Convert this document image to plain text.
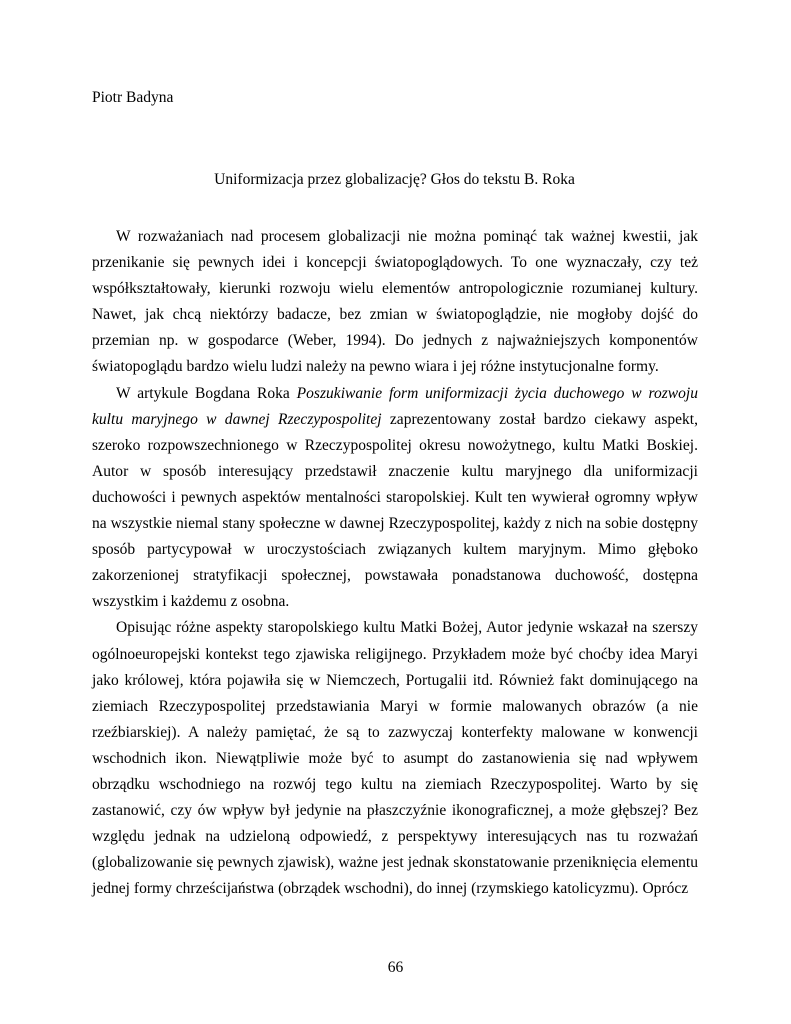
Piotr Badyna

Uniformizacja przez globalizację? Głos do tekstu B. Roka

W rozważaniach nad procesem globalizacji nie można pominąć tak ważnej kwestii, jak przenikanie się pewnych idei i koncepcji światopoglądowych. To one wyznaczały, czy też współkształtowały, kierunki rozwoju wielu elementów antropologicznie rozumianej kultury. Nawet, jak chcą niektórzy badacze, bez zmian w światopoglądzie, nie mogłoby dojść do przemian np. w gospodarce (Weber, 1994). Do jednych z najważniejszych komponentów światopoglądu bardzo wielu ludzi należy na pewno wiara i jej różne instytucjonalne formy.

W artykule Bogdana Roka Poszukiwanie form uniformizacji życia duchowego w rozwoju kultu maryjnego w dawnej Rzeczypospolitej zaprezentowany został bardzo ciekawy aspekt, szeroko rozpowszechnionego w Rzeczypospolitej okresu nowożytnego, kultu Matki Boskiej. Autor w sposób interesujący przedstawił znaczenie kultu maryjnego dla uniformizacji duchowości i pewnych aspektów mentalności staropolskiej. Kult ten wywierał ogromny wpływ na wszystkie niemal stany społeczne w dawnej Rzeczypospolitej, każdy z nich na sobie dostępny sposób partycypował w uroczystościach związanych kultem maryjnym. Mimo głęboko zakorzenionej stratyfikacji społecznej, powstawała ponadstanowa duchowość, dostępna wszystkim i każdemu z osobna.

Opisując różne aspekty staropolskiego kultu Matki Bożej, Autor jedynie wskazał na szerszy ogólnoeuropejski kontekst tego zjawiska religijnego. Przykładem może być choćby idea Maryi jako królowej, która pojawiła się w Niemczech, Portugalii itd. Również fakt dominującego na ziemiach Rzeczypospolitej przedstawiania Maryi w formie malowanych obrazów (a nie rzeźbiarskiej). A należy pamiętać, że są to zazwyczaj konterfekty malowane w konwencji wschodnich ikon. Niewątpliwie może być to asumpt do zastanowienia się nad wpływem obrządku wschodniego na rozwój tego kultu na ziemiach Rzeczypospolitej. Warto by się zastanowić, czy ów wpływ był jedynie na płaszczyźnie ikonograficznej, a może głębszej? Bez względu jednak na udzieloną odpowiedź, z perspektywy interesujących nas tu rozważań (globalizowanie się pewnych zjawisk), ważne jest jednak skonstatowanie przeniknięcia elementu jednej formy chrześcijaństwa (obrządek wschodni), do innej (rzymskiego katolicyzmu). Oprócz

66
